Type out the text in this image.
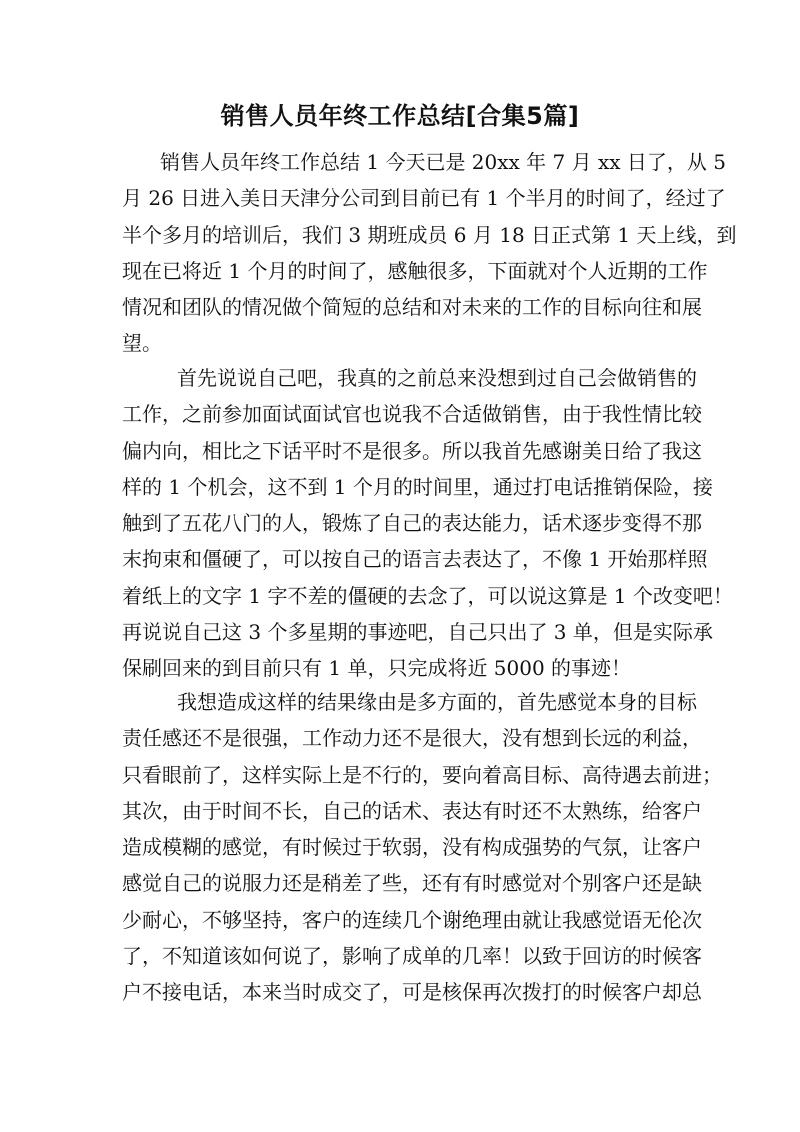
销售人员年终工作总结[合集5篇]
销售人员年终工作总结 1 今天已是 20xx 年 7 月 xx 日了，从 5
月 26 日进入美日天津分公司到目前已有 1 个半月的时间了，经过了
半个多月的培训后，我们 3 期班成员 6 月 18 日正式第 1 天上线，到
现在已将近 1 个月的时间了，感触很多，下面就对个人近期的工作
情况和团队的情况做个简短的总结和对未来的工作的目标向往和展
望。
首先说说自己吧，我真的之前总来没想到过自己会做销售的
工作，之前参加面试面试官也说我不合适做销售，由于我性情比较
偏内向，相比之下话平时不是很多。所以我首先感谢美日给了我这
样的 1 个机会，这不到 1 个月的时间里，通过打电话推销保险，接
触到了五花八门的人，锻炼了自己的表达能力，话术逐步变得不那
末拘束和僵硬了，可以按自己的语言去表达了，不像 1 开始那样照
着纸上的文字 1 字不差的僵硬的去念了，可以说这算是 1 个改变吧！
再说说自己这 3 个多星期的事迹吧，自己只出了 3 单，但是实际承
保刷回来的到目前只有 1 单，只完成将近 5000 的事迹！
我想造成这样的结果缘由是多方面的，首先感觉本身的目标
责任感还不是很强，工作动力还不是很大，没有想到长远的利益，
只看眼前了，这样实际上是不行的，要向着高目标、高待遇去前进；
其次，由于时间不长，自己的话术、表达有时还不太熟练，给客户
造成模糊的感觉，有时候过于软弱，没有构成强势的气氛，让客户
感觉自己的说服力还是稍差了些，还有有时感觉对个别客户还是缺
少耐心，不够坚持，客户的连续几个谢绝理由就让我感觉语无伦次
了，不知道该如何说了，影响了成单的几率！以致于回访的时候客
户不接电话，本来当时成交了，可是核保再次拨打的时候客户却总
